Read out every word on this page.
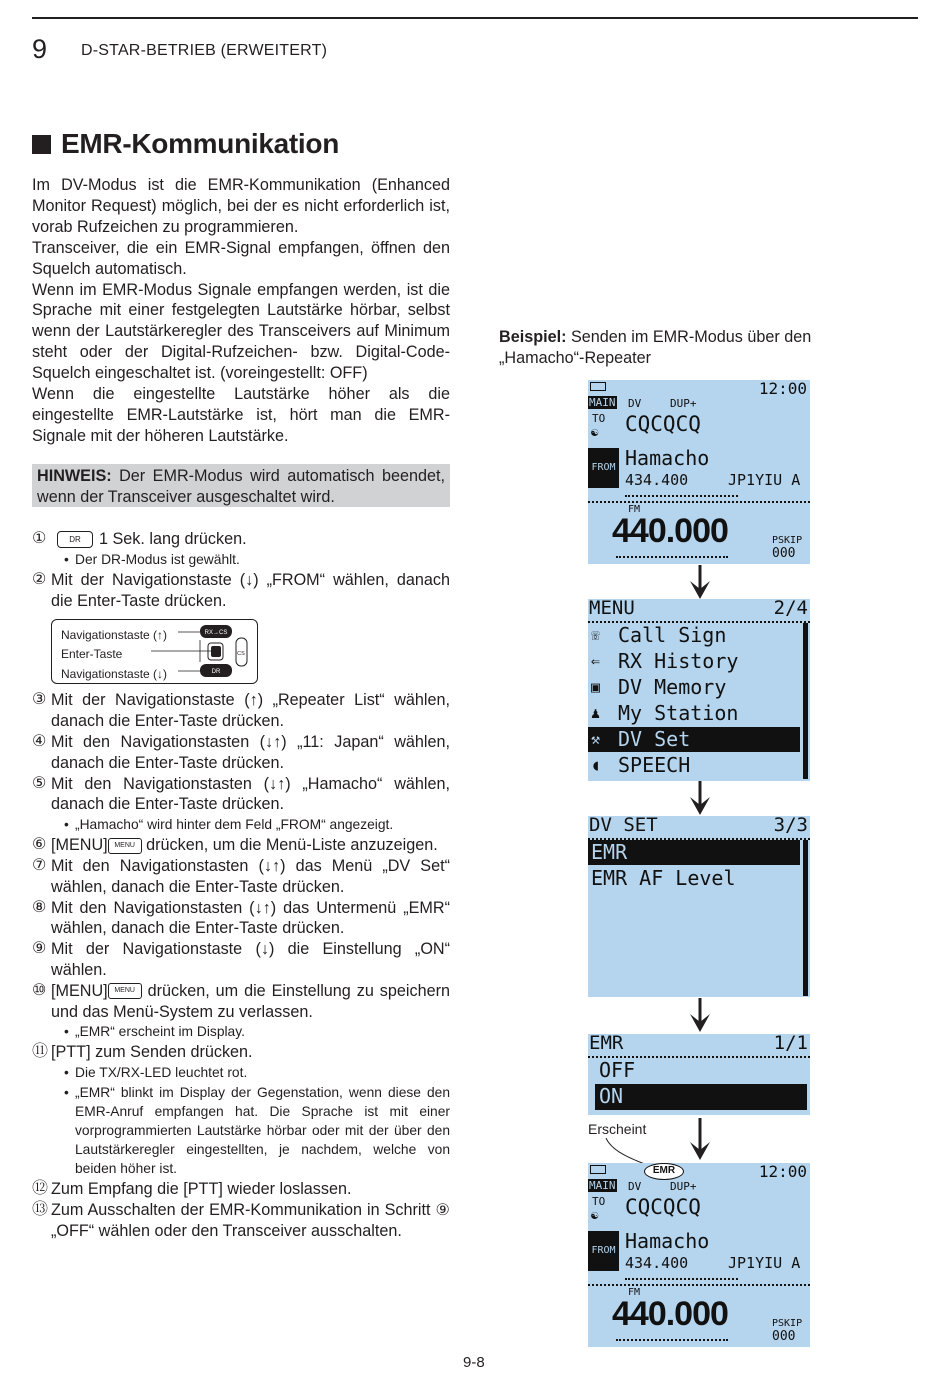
9 D-STAR-BETRIEB (ERWEITERT)
EMR-Kommunikation

Im DV-Modus ist die EMR-Kommunikation (Enhanced Monitor Request) möglich, bei der es nicht erforderlich ist, vorab Rufzeichen zu programmieren.

Transceiver, die ein EMR-Signal empfangen, öffnen den Squelch automatisch.

Wenn im EMR-Modus Signale empfangen werden, ist die Sprache mit einer festgelegten Lautstärke hörbar, selbst wenn der Lautstärkeregler des Transceivers auf Minimum steht oder der Digital-Rufzeichen- bzw. Digital-Code-Squelch eingeschaltet ist. (voreingestellt: OFF)

Wenn die eingestellte Lautstärke höher als die eingestellte EMR-Lautstärke ist, hört man die EMR-Signale mit der höheren Lautstärke.

HINWEIS: Der EMR-Modus wird automatisch beendet, wenn der Transceiver ausgeschaltet wird.
①	DR 1 Sek. lang drücken.
• Der DR-Modus ist gewählt.
② Mit der Navigationstaste (↓) „FROM“ wählen, danach die Enter-Taste drücken.
Navigationstaste (↑)
Enter-Taste
Navigationstaste (↓)
RX→CS
DR
CS
③ Mit der Navigationstaste (↑) „Repeater List“ wählen, danach die Enter-Taste drücken.
④ Mit den Navigationstasten (↓↑) „11: Japan“ wählen, danach die Enter-Taste drücken.
⑤ Mit den Navigationstasten (↓↑) „Hamacho“ wählen, danach die Enter-Taste drücken.
• „Hamacho“ wird hinter dem Feld „FROM“ angezeigt.
⑥ [MENU] MENU drücken, um die Menü-Liste anzuzeigen.
⑦ Mit den Navigationstasten (↓↑) das Menü „DV Set“ wählen, danach die Enter-Taste drücken.
⑧ Mit den Navigationstasten (↓↑) das Untermenü „EMR“ wählen, danach die Enter-Taste drücken.
⑨ Mit der Navigationstaste (↓) die Einstellung „ON“ wählen.
⑩ [MENU] MENU drücken, um die Einstellung zu speichern und das Menü-System zu verlassen.
• „EMR“ erscheint im Display.
⑪ [PTT] zum Senden drücken.
• Die TX/RX-LED leuchtet rot.
• „EMR“ blinkt im Display der Gegenstation, wenn diese den EMR-Anruf empfangen hat. Die Sprache ist mit einer vorprogrammierten Lautstärke hörbar oder mit der über den Lautstärkeregler eingestellten, je nachdem, welche von beiden höher ist.
⑫ Zum Empfang die [PTT] wieder loslassen.
⑬ Zum Ausschalten der EMR-Kommunikation in Schritt ⑨ „OFF“ wählen oder den Transceiver ausschalten.
Beispiel: Senden im EMR-Modus über den „Hamacho“-Repeater

12:00
MAIN DV	DUP+
TO
☯ CQCQCQ
FROM Hamacho
434.400	JP1YIU A
FM
440.000	PSKIP
000
MENU	2/4
☏ Call Sign
⇐ RX History
▣ DV Memory
♟ My Station
⚒ DV Set
◖ SPEECH
DV SET	3/3
EMR
EMR AF Level
EMR	1/1
OFF
ON
Erscheint
EMR	12:00
MAIN DV	DUP+
TO
☯ CQCQCQ
FROM Hamacho
434.400	JP1YIU A
FM
440.000	PSKIP
000
9-8
